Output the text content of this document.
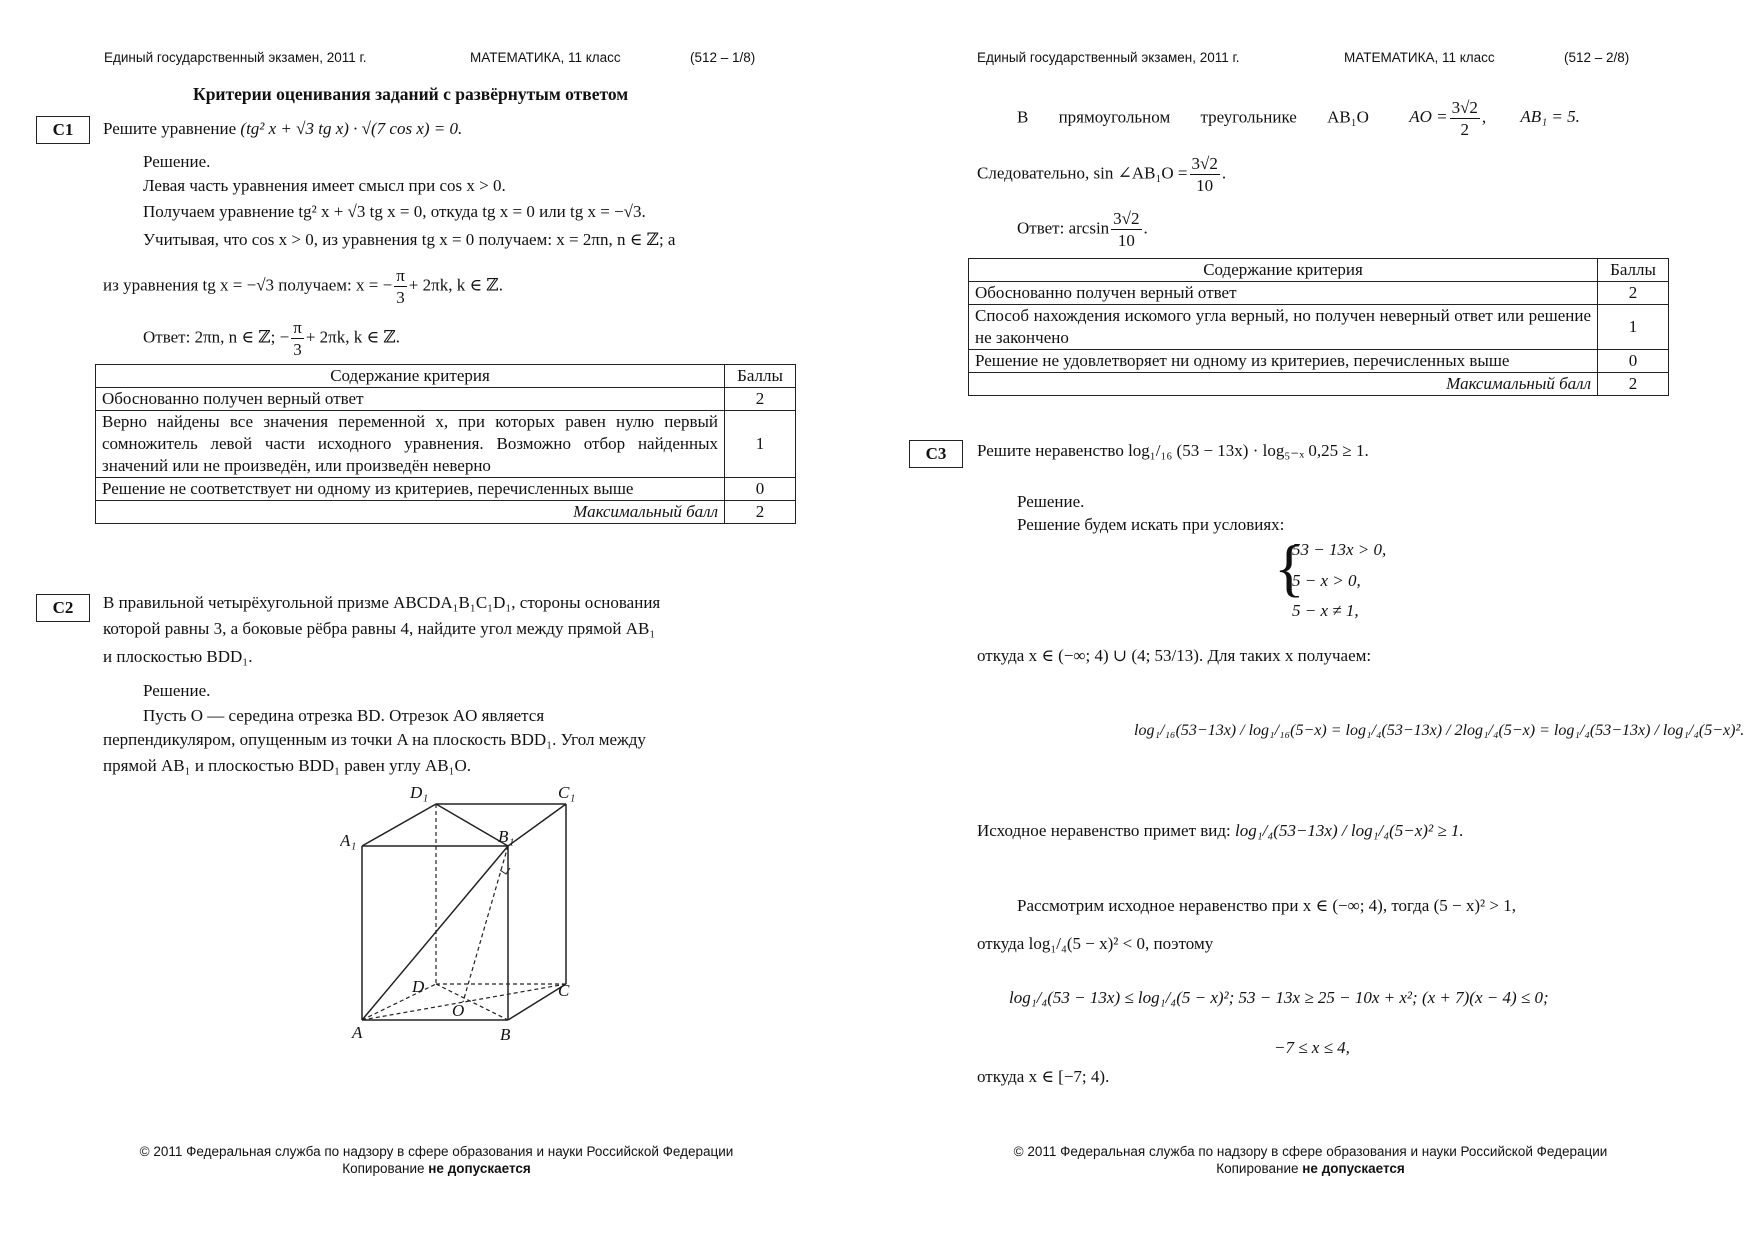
Единый государственный экзамен, 2011 г.	МАТЕМАТИКА, 11 класс	(512 – 1/8)
Критерии оценивания заданий с развёрнутым ответом
C1	Решите уравнение (tg² x + √3 tg x) · √(7 cos x) = 0.
Решение.
Левая часть уравнения имеет смысл при cos x > 0.
Получаем уравнение tg² x + √3 tg x = 0, откуда tg x = 0 или tg x = −√3.
Учитывая, что cos x > 0, из уравнения tg x = 0 получаем: x = 2πn, n ∈ ℤ; а
из уравнения tg x = −√3 получаем: x = − $\frac{\pi}{3} + 2\pi k$, k ∈ ℤ.
Ответ: 2πn, n ∈ ℤ; − $\frac{\pi}{3} + 2\pi k$, k ∈ ℤ.
Содержание критерия	Баллы
Обоснованно получен верный ответ	2
Верно найдены все значения переменной x, при которых равен нулю первый сомножитель левой части исходного уравнения. Возможно отбор найденных значений или не произведён, или произведён неверно	1
Решение не соответствует ни одному из критериев, перечисленных выше	0
Максимальный балл	2
C2	В правильной четырёхугольной призме ABCDA₁B₁C₁D₁, стороны основания
которой равны 3, а боковые рёбра равны 4, найдите угол между прямой AB₁
и плоскостью BDD₁.
Решение.
Пусть O — середина отрезка BD. Отрезок AO является
перпендикуляром, опущенным из точки A на плоскость BDD₁. Угол между
прямой AB₁ и плоскостью BDD₁ равен углу AB₁O.
D₁	C₁
A₁	B₁
D	C
O
A	B
© 2011 Федеральная служба по надзору в сфере образования и науки Российской Федерации
Копирование не допускается
Единый государственный экзамен, 2011 г.	МАТЕМАТИКА, 11 класс	(512 – 2/8)
В прямоугольном треугольнике AB₁O AO = $\frac{3√2}{2}$ , AB₁ = 5.
Следовательно, sin ∠AB₁O = $\frac{3√2}{10}$ .
Ответ: $\arcsin \frac{3√2}{10}$ .
Содержание критерия	Баллы
Обоснованно получен верный ответ	2
Способ нахождения искомого угла верный, но получен неверный ответ или решение не закончено	1
Решение не удовлетворяет ни одному из критериев, перечисленных выше	0
Максимальный балл	2
C3	Решите неравенство log₁/₁₆ (53 − 13x) · log₅₋ₓ 0,25 ≥ 1.
Решение.
Решение будем искать при условиях:
{
53 − 13x > 0,
5 − x > 0,
5 − x ≠ 1,
откуда x ∈ (−∞; 4) ∪ (4; 53/13). Для таких x получаем:
log₁/₁₆(53−13x) / log₁/₁₆(5−x) = log₁/₄(53−13x) / 2log₁/₄(5−x) = log₁/₄(53−13x) / log₁/₄(5−x)².
Исходное неравенство примет вид: log₁/₄(53−13x) / log₁/₄(5−x)² ≥ 1.
Рассмотрим исходное неравенство при x ∈ (−∞; 4), тогда (5 − x)² > 1,
откуда log₁/₄(5 − x)² < 0, поэтому
log₁/₄(53 − 13x) ≤ log₁/₄(5 − x)²; 53 − 13x ≥ 25 − 10x + x²; (x + 7)(x − 4) ≤ 0;
−7 ≤ x ≤ 4,
откуда x ∈ [−7; 4).
© 2011 Федеральная служба по надзору в сфере образования и науки Российской Федерации
Копирование не допускается
